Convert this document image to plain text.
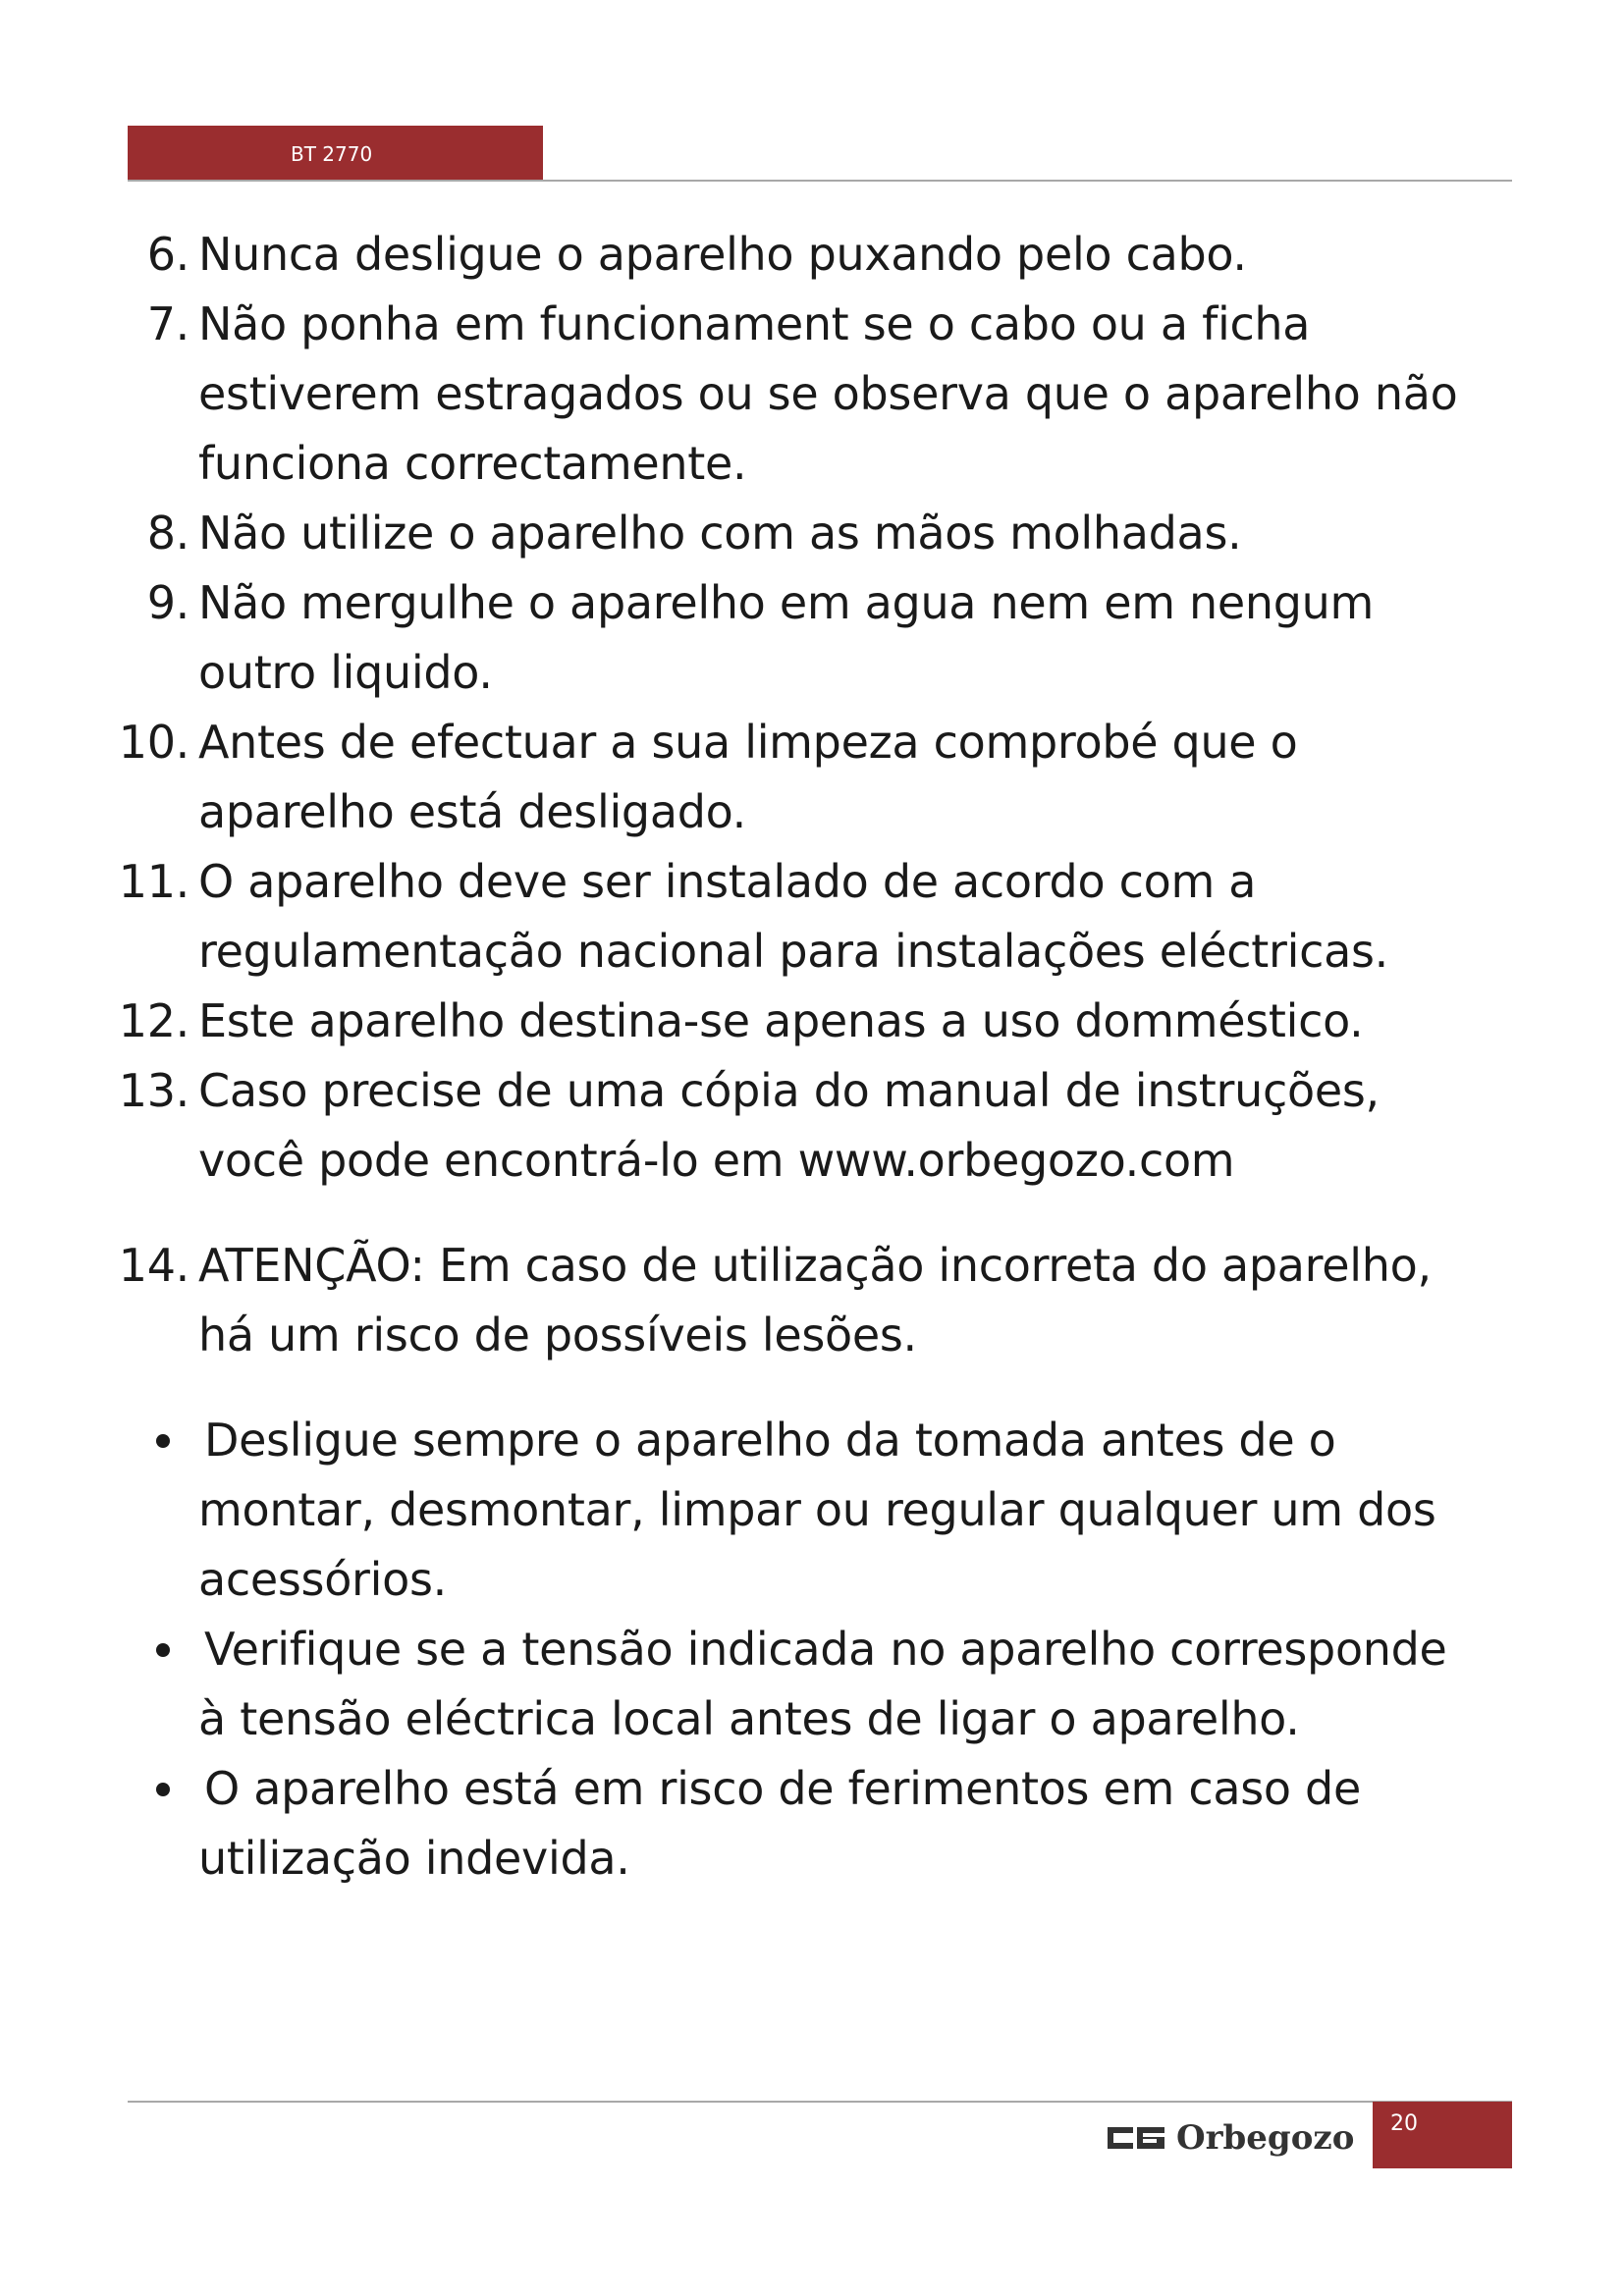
BT 2770
6. Nunca desligue o aparelho puxando pelo cabo.
7. Não ponha em funcionament se o cabo ou a ficha
estiverem estragados ou se observa que o aparelho não
funciona correctamente.
8. Não utilize o aparelho com as mãos molhadas.
9. Não mergulhe o aparelho em agua nem em nengum
outro liquido.
10. Antes de efectuar a sua limpeza comprobé que o
aparelho está desligado.
11. O aparelho deve ser instalado de acordo com a
regulamentação nacional para instalações eléctricas.
12. Este aparelho destina-se apenas a uso domméstico.
13. Caso precise de uma cópia do manual de instruções,
você pode encontrá-lo em www.orbegozo.com
14. ATENÇÃO: Em caso de utilização incorreta do aparelho,
há um risco de possíveis lesões.
Desligue sempre o aparelho da tomada antes de o
montar, desmontar, limpar ou regular qualquer um dos
acessórios.
Verifique se a tensão indicada no aparelho corresponde
à tensão eléctrica local antes de ligar o aparelho.
O aparelho está em risco de ferimentos em caso de
utilização indevida.
Orbegozo	20
